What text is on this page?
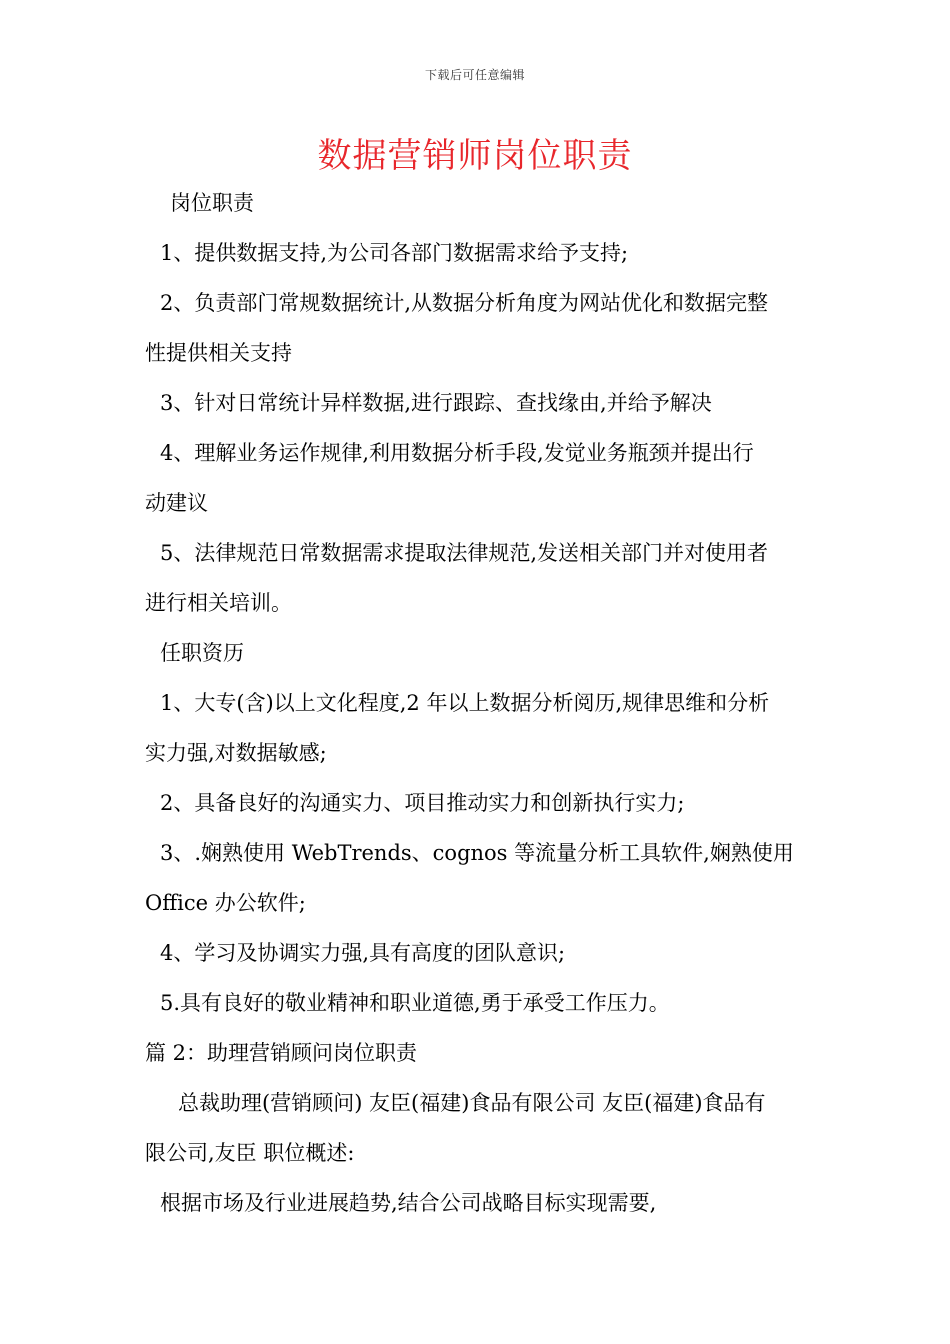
下载后可任意编辑
数据营销师岗位职责
岗位职责
1、提供数据支持,为公司各部门数据需求给予支持;
2、负责部门常规数据统计,从数据分析角度为网站优化和数据完整
性提供相关支持
3、针对日常统计异样数据,进行跟踪、查找缘由,并给予解决
4、理解业务运作规律,利用数据分析手段,发觉业务瓶颈并提出行
动建议
5、法律规范日常数据需求提取法律规范,发送相关部门并对使用者
进行相关培训。
任职资历
1、大专(含)以上文化程度,2 年以上数据分析阅历,规律思维和分析
实力强,对数据敏感;
2、具备良好的沟通实力、项目推动实力和创新执行实力;
3、.娴熟使用 WebTrends、cognos 等流量分析工具软件,娴熟使用
Office 办公软件;
4、学习及协调实力强,具有高度的团队意识;
5.具有良好的敬业精神和职业道德,勇于承受工作压力。
篇 2：助理营销顾问岗位职责
总裁助理(营销顾问) 友臣(福建)食品有限公司 友臣(福建)食品有
限公司,友臣 职位概述:
根据市场及行业进展趋势,结合公司战略目标实现需要,
